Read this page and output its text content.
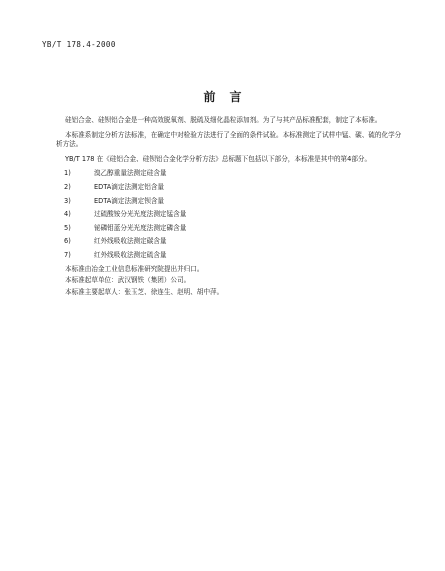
YB/T 178.4-2000
前言

硅铝合金、硅钡铝合金是一种高效脱氧剂、脱硫及细化晶粒添加剂。为了与其产品标准配套，制定了本标准。

本标准系制定分析方法标准，在确定中对检验方法进行了全面的条件试验。本标准测定了试样中锰、碳、硫的化学分析方法。

YB/T 178 在《硅铝合金、硅钡铝合金化学分析方法》总标题下包括以下部分，本标准是其中的第4部分。

1)	溴乙醇重量法测定硅含量
2)	EDTA滴定法测定铝含量
3)	EDTA滴定法测定钡含量
4)	过硫酸铵分光光度法测定锰含量
5)	铋磷钼蓝分光光度法测定磷含量
6)	红外线吸收法测定碳含量
7)	红外线吸收法测定硫含量

本标准由冶金工业信息标准研究院提出并归口。

本标准起草单位：武汉钢铁（集团）公司。

本标准主要起草人：张玉芝、徐连生、赵明、胡中萍。
